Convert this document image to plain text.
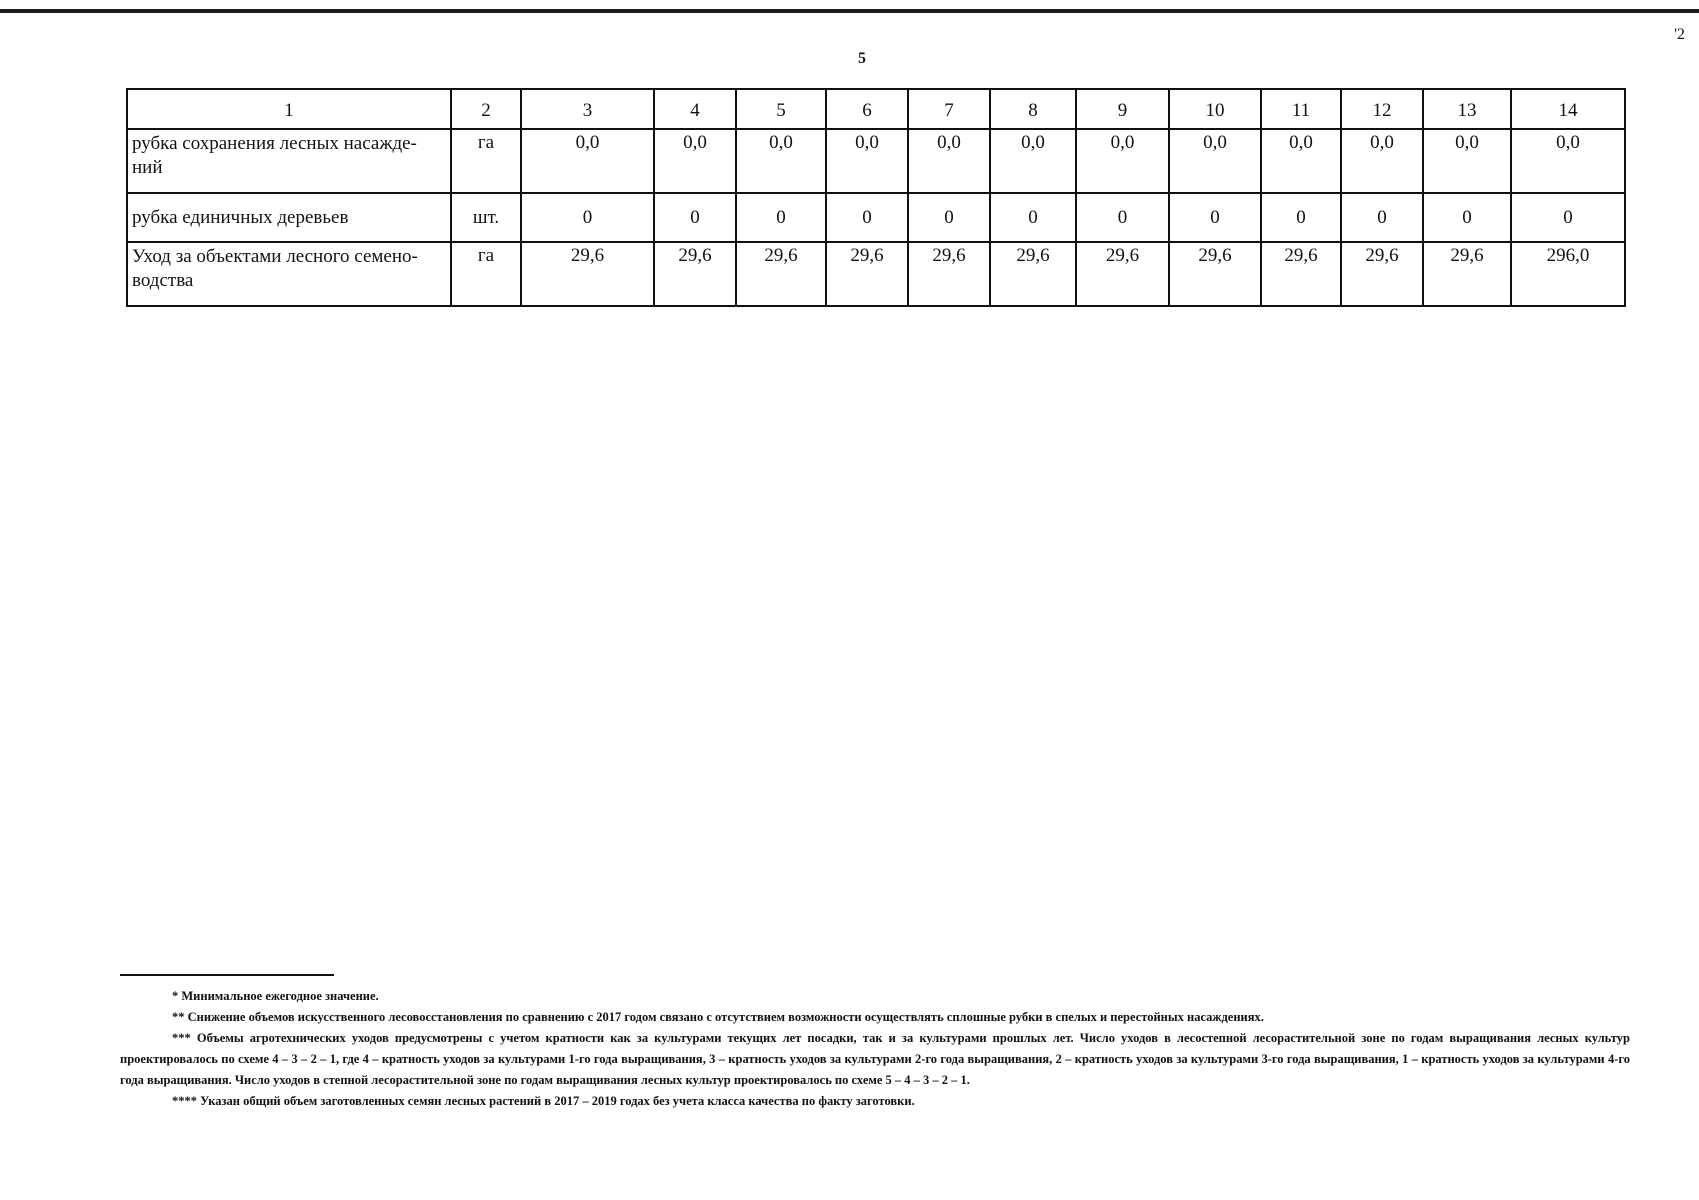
'2
5
1	2	3	4	5	6	7	8	9	10	11	12	13	14
рубка сохранения лесных насажде-ний	га	0,0	0,0	0,0	0,0	0,0	0,0	0,0	0,0	0,0	0,0	0,0	0,0
рубка единичных деревьев	шт.	0	0	0	0	0	0	0	0	0	0	0	0
Уход за объектами лесного семено-водства	га	29,6	29,6	29,6	29,6	29,6	29,6	29,6	29,6	29,6	29,6	29,6	296,0

* Минимальное ежегодное значение.

** Снижение объемов искусственного лесовосстановления по сравнению с 2017 годом связано с отсутствием возможности осуществлять сплошные рубки в спелых и перестойных насаждениях.

*** Объемы агротехнических уходов предусмотрены с учетом кратности как за культурами текущих лет посадки, так и за культурами прошлых лет. Число уходов в лесостепной лесорастительной зоне по годам выращивания лесных культур проектировалось по схеме 4 – 3 – 2 – 1, где 4 – кратность уходов за культурами 1-го года выращивания, 3 – кратность уходов за культурами 2-го года выращивания, 2 – кратность уходов за культурами 3-го года выращивания, 1 – кратность уходов за культурами 4-го года выращивания. Число уходов в степной лесорастительной зоне по годам выращивания лесных культур проектировалось по схеме 5 – 4 – 3 – 2 – 1.

**** Указан общий объем заготовленных семян лесных растений в 2017 – 2019 годах без учета класса качества по факту заготовки.
